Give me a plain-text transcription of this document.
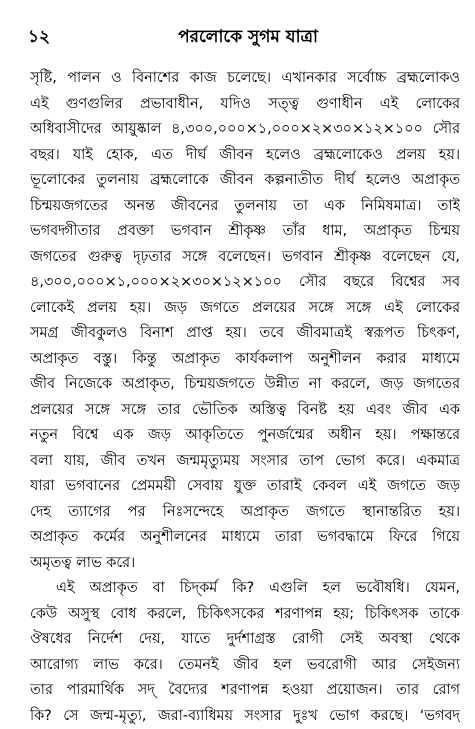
১২	পরলোকে সুগম যাত্রা
সৃষ্টি, পালন ও বিনাশের কাজ চলেছে। এখানকার সর্বোচ্চ ব্রহ্মলোকও
এই গুণগুলির প্রভাবাধীন, যদিও সত্ত্ব গুণাধীন এই লোকের
অধিবাসীদের আয়ুষ্কাল ৪,৩০০,০০০×১,০০০×২×৩০×১২×১০০ সৌর
বছর। যাই হোক, এত দীর্ঘ জীবন হলেও ব্রহ্মলোকেও প্রলয় হয়।
ভূলোকের তুলনায় ব্রহ্মলোকে জীবন কল্পনাতীত দীর্ঘ হলেও অপ্রাকৃত
চিন্ময়জগতের অনন্ত জীবনের তুলনায় তা এক নিমিষমাত্র। তাই
ভগবদ্গীতার প্রবক্তা ভগবান শ্রীকৃষ্ণ তাঁর ধাম, অপ্রাকৃত চিন্ময়
জগতের গুরুত্ব দৃঢ়তার সঙ্গে বলেছেন। ভগবান শ্রীকৃষ্ণ বলেছেন যে,
৪,৩০০,০০০×১,০০০×২×৩০×১২×১০০ সৌর বছরে বিশ্বের সব
লোকেই প্রলয় হয়। জড় জগতে প্রলয়ের সঙ্গে সঙ্গে এই লোকের
সমগ্র জীবকুলও বিনাশ প্রাপ্ত হয়। তবে জীবমাত্রই স্বরূপত চিৎকণ,
অপ্রাকৃত বস্তু। কিন্তু অপ্রাকৃত কার্যকলাপ অনুশীলন করার মাধ্যমে
জীব নিজেকে অপ্রাকৃত, চিন্ময়জগতে উন্নীত না করলে, জড় জগতের
প্রলয়ের সঙ্গে সঙ্গে তার ভৌতিক অস্তিত্ব বিনষ্ট হয় এবং জীব এক
নতুন বিশ্বে এক জড় আকৃতিতে পুনর্জন্মের অধীন হয়। পক্ষান্তরে
বলা যায়, জীব তখন জন্মমৃত্যুময় সংসার তাপ ভোগ করে। একমাত্র
যারা ভগবানের প্রেমময়ী সেবায় যুক্ত তারাই কেবল এই জগতে জড়
দেহ ত্যাগের পর নিঃসন্দেহে অপ্রাকৃত জগতে স্থানান্তরিত হয়।
অপ্রাকৃত কর্মের অনুশীলনের মাধ্যমে তারা ভগবদ্ধামে ফিরে গিয়ে
অমৃতত্ব লাভ করে।
এই অপ্রাকৃত বা চিদ্কর্ম কি? এগুলি হল ভবৌষধি। যেমন,
কেউ অসুস্থ বোধ করলে, চিকিৎসকের শরণাপন্ন হয়; চিকিৎসক তাকে
ঔষধের নির্দেশ দেয়, যাতে দুর্দশাগ্রস্ত রোগী সেই অবস্থা থেকে
আরোগ্য লাভ করে। তেমনই জীব হল ভবরোগী আর সেইজন্য
তার পারমার্থিক সদ্ বৈদ্যের শরণাপন্ন হওয়া প্রয়োজন। তার রোগ
কি? সে জন্ম-মৃত্যু, জরা-ব্যাধিময় সংসার দুঃখ ভোগ করছে। ‘ভগবদ্
